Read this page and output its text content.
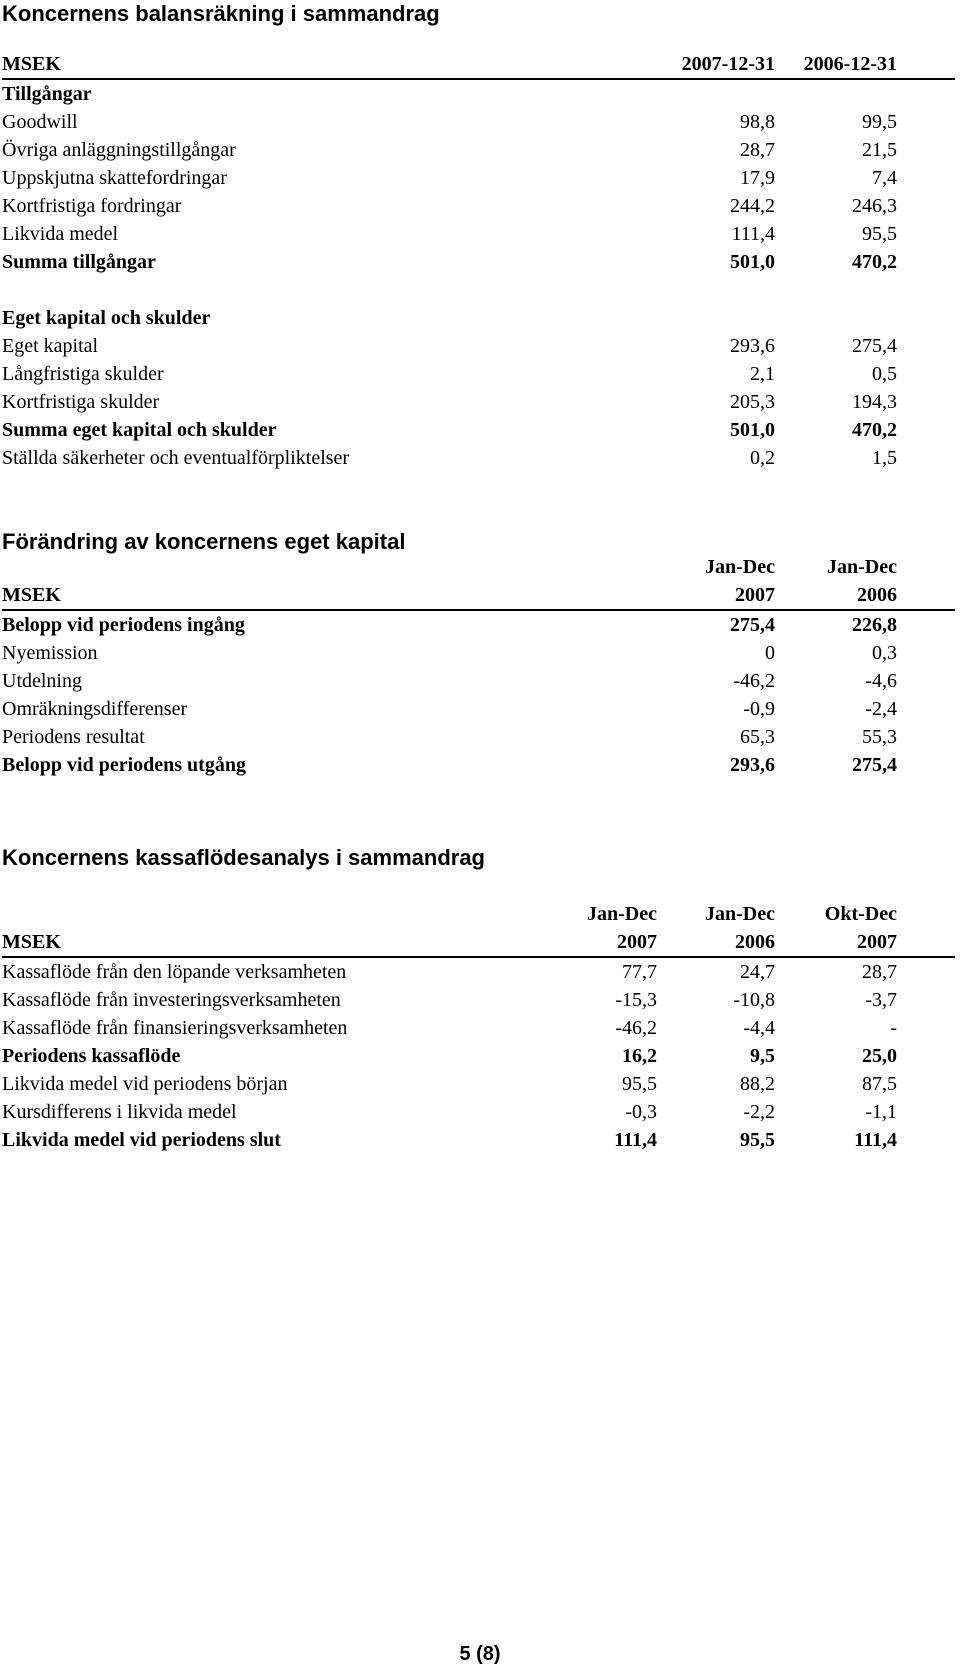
Koncernens balansräkning i sammandrag
MSEK	2007-12-31	2006-12-31
Tillgångar
Goodwill	98,8	99,5
Övriga anläggningstillgångar	28,7	21,5
Uppskjutna skattefordringar	17,9	7,4
Kortfristiga fordringar	244,2	246,3
Likvida medel	111,4	95,5
Summa tillgångar	501,0	470,2
Eget kapital och skulder
Eget kapital	293,6	275,4
Långfristiga skulder	2,1	0,5
Kortfristiga skulder	205,3	194,3
Summa eget kapital och skulder	501,0	470,2
Ställda säkerheter och eventualförpliktelser	0,2	1,5
Förändring av koncernens eget kapital
Jan-Dec	Jan-Dec
MSEK	2007	2006
Belopp vid periodens ingång	275,4	226,8
Nyemission	0	0,3
Utdelning	-46,2	-4,6
Omräkningsdifferenser	-0,9	-2,4
Periodens resultat	65,3	55,3
Belopp vid periodens utgång	293,6	275,4
Koncernens kassaflödesanalys i sammandrag
Jan-Dec	Jan-Dec	Okt-Dec
MSEK	2007	2006	2007
Kassaflöde från den löpande verksamheten	77,7	24,7	28,7
Kassaflöde från investeringsverksamheten	-15,3	-10,8	-3,7
Kassaflöde från finansieringsverksamheten	-46,2	-4,4	-
Periodens kassaflöde	16,2	9,5	25,0
Likvida medel vid periodens början	95,5	88,2	87,5
Kursdifferens i likvida medel	-0,3	-2,2	-1,1
Likvida medel vid periodens slut	111,4	95,5	111,4
5 (8)
